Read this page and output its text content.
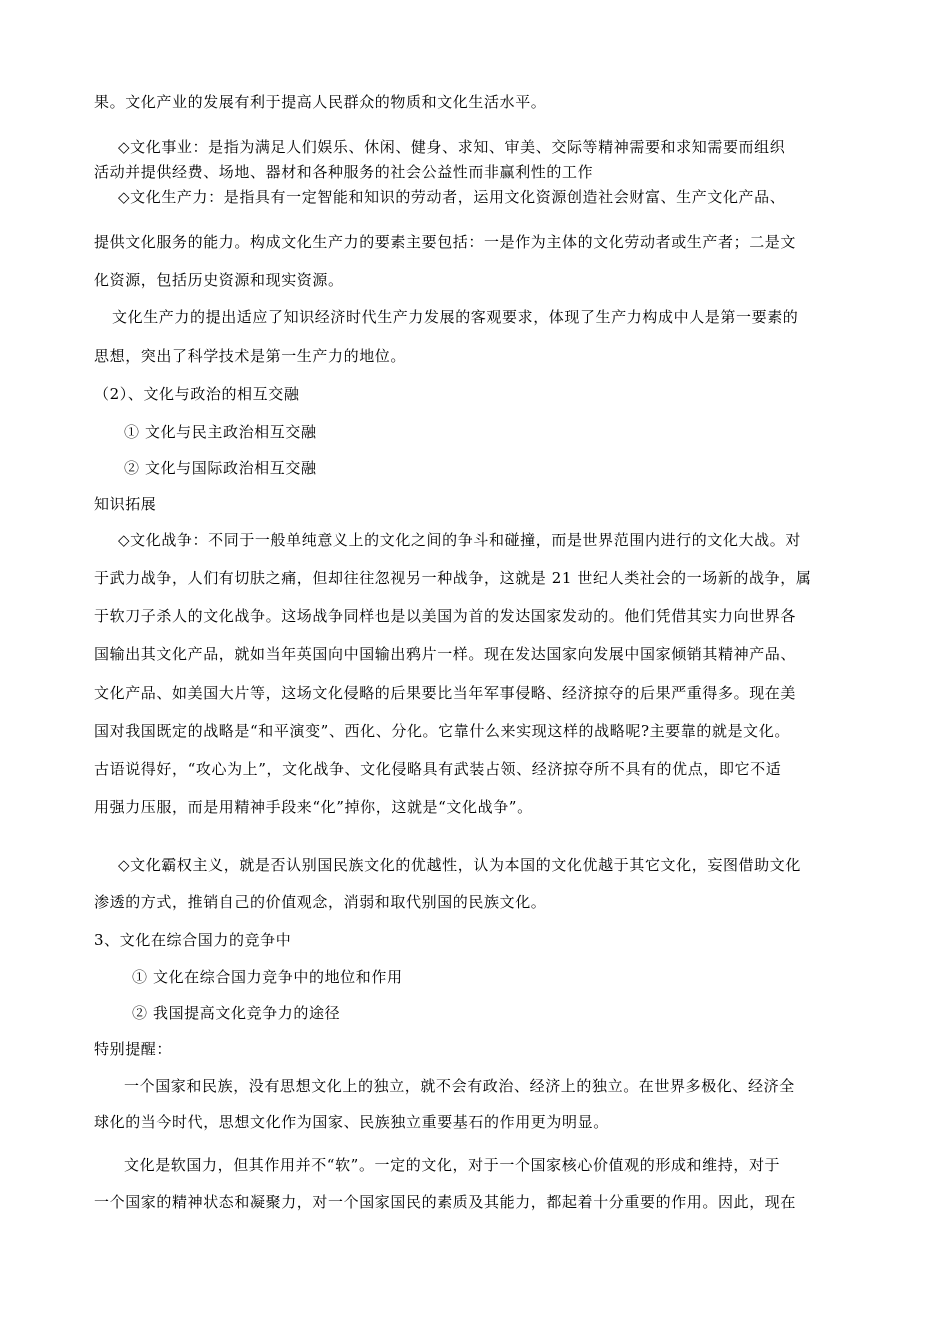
果。文化产业的发展有利于提高人民群众的物质和文化生活水平。
◇文化事业：是指为满足人们娱乐、休闲、健身、求知、审美、交际等精神需要和求知需要而组织
活动并提供经费、场地、器材和各种服务的社会公益性而非赢利性的工作
◇文化生产力：是指具有一定智能和知识的劳动者，运用文化资源创造社会财富、生产文化产品、
提供文化服务的能力。构成文化生产力的要素主要包括：一是作为主体的文化劳动者或生产者；二是文
化资源，包括历史资源和现实资源。
文化生产力的提出适应了知识经济时代生产力发展的客观要求，体现了生产力构成中人是第一要素的
思想，突出了科学技术是第一生产力的地位。
（2）、文化与政治的相互交融
① 文化与民主政治相互交融
② 文化与国际政治相互交融
知识拓展
◇文化战争：不同于一般单纯意义上的文化之间的争斗和碰撞，而是世界范围内进行的文化大战。对
于武力战争，人们有切肤之痛，但却往往忽视另一种战争，这就是 21 世纪人类社会的一场新的战争，属
于软刀子杀人的文化战争。这场战争同样也是以美国为首的发达国家发动的。他们凭借其实力向世界各
国输出其文化产品，就如当年英国向中国输出鸦片一样。现在发达国家向发展中国家倾销其精神产品、
文化产品、如美国大片等，这场文化侵略的后果要比当年军事侵略、经济掠夺的后果严重得多。现在美
国对我国既定的战略是“和平演变”、西化、分化。它靠什么来实现这样的战略呢?主要靠的就是文化。
古语说得好，“攻心为上”，文化战争、文化侵略具有武装占领、经济掠夺所不具有的优点，即它不适
用强力压服，而是用精神手段来“化”掉你，这就是“文化战争”。
◇文化霸权主义，就是否认别国民族文化的优越性，认为本国的文化优越于其它文化，妄图借助文化
渗透的方式，推销自己的价值观念，消弱和取代别国的民族文化。
3、文化在综合国力的竞争中
① 文化在综合国力竞争中的地位和作用
② 我国提高文化竞争力的途径
特别提醒：
一个国家和民族，没有思想文化上的独立，就不会有政治、经济上的独立。在世界多极化、经济全
球化的当今时代，思想文化作为国家、民族独立重要基石的作用更为明显。
文化是软国力，但其作用并不“软”。一定的文化，对于一个国家核心价值观的形成和维持，对于
一个国家的精神状态和凝聚力，对一个国家国民的素质及其能力，都起着十分重要的作用。因此，现在
